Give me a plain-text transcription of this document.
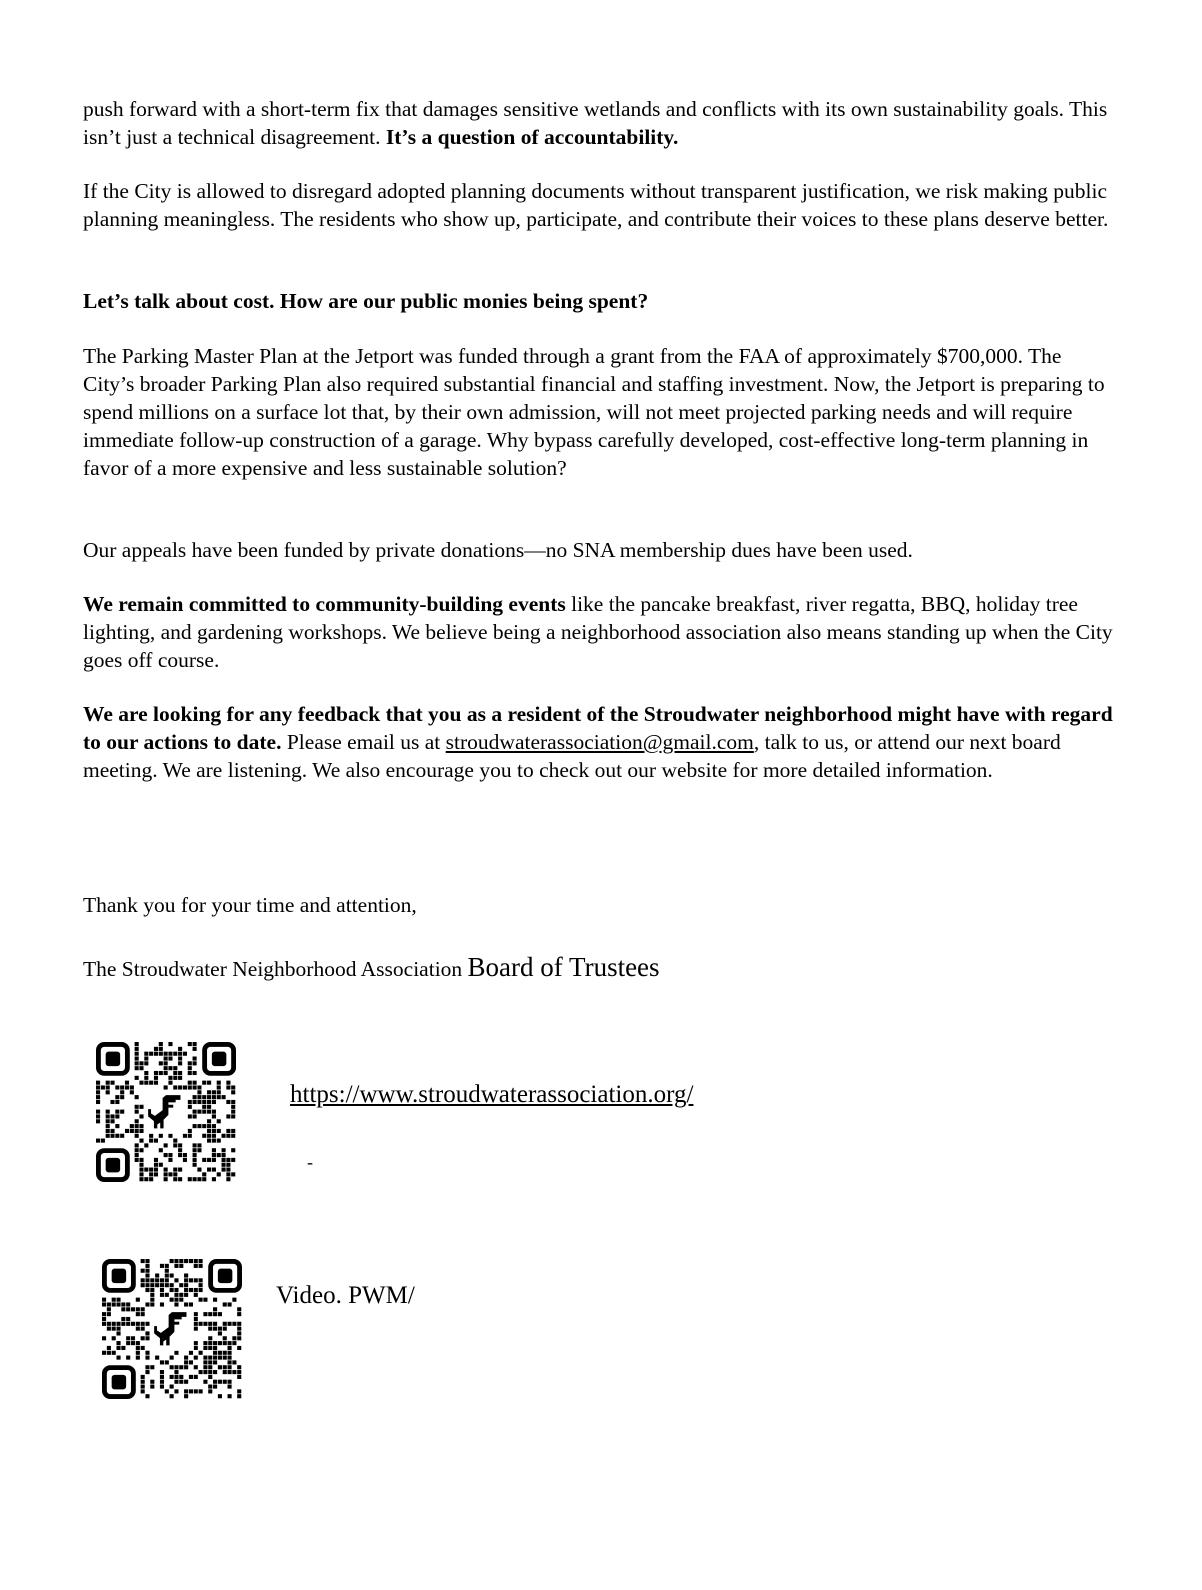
push forward with a short-term fix that damages sensitive wetlands and conflicts with its own sustainability goals. This isn’t just a technical disagreement. It’s a question of accountability.

If the City is allowed to disregard adopted planning documents without transparent justification, we risk making public planning meaningless. The residents who show up, participate, and contribute their voices to these plans deserve better.

Let’s talk about cost. How are our public monies being spent?

The Parking Master Plan at the Jetport was funded through a grant from the FAA of approximately $700,000. The City’s broader Parking Plan also required substantial financial and staffing investment. Now, the Jetport is preparing to spend millions on a surface lot that, by their own admission, will not meet projected parking needs and will require immediate follow-up construction of a garage. Why bypass carefully developed, cost-effective long-term planning in favor of a more expensive and less sustainable solution?

Our appeals have been funded by private donations—no SNA membership dues have been used.

We remain committed to community-building events like the pancake breakfast, river regatta, BBQ, holiday tree lighting, and gardening workshops. We believe being a neighborhood association also means standing up when the City goes off course.

We are looking for any feedback that you as a resident of the Stroudwater neighborhood might have with regard to our actions to date. Please email us at stroudwaterassociation@gmail.com, talk to us, or attend our next board meeting. We are listening. We also encourage you to check out our website for more detailed information.

Thank you for your time and attention,

The Stroudwater Neighborhood Association Board of Trustees

https://www.stroudwaterassociation.org/
-
Video. PWM/
